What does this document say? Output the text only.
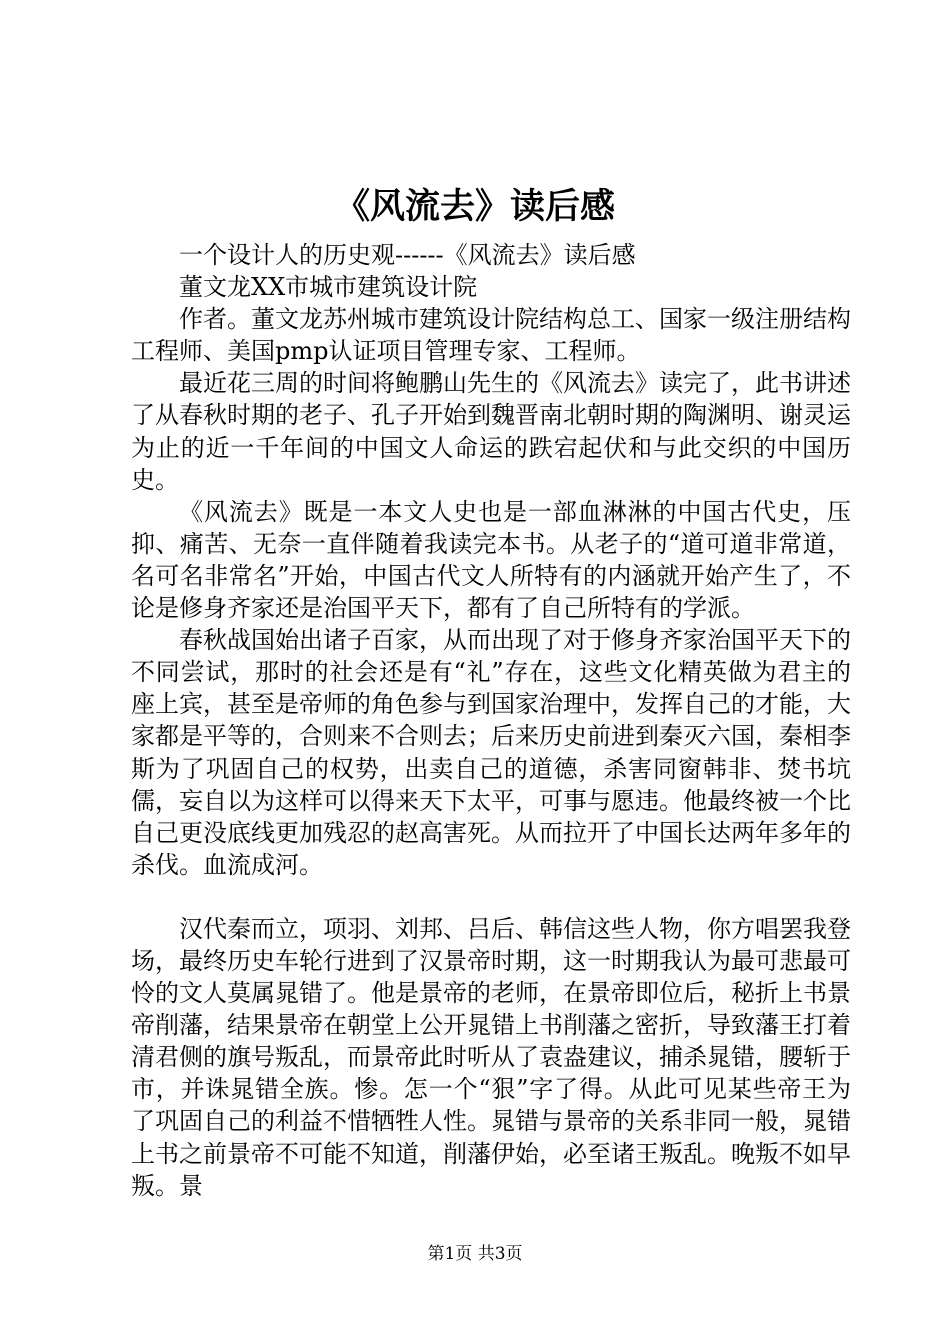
《风流去》读后感

一个设计人的历史观------《风流去》读后感

董文龙XX市城市建筑设计院

作者。董文龙苏州城市建筑设计院结构总工、国家一级注册结构工程师、美国pmp认证项目管理专家、工程师。

最近花三周的时间将鲍鹏山先生的《风流去》读完了，此书讲述了从春秋时期的老子、孔子开始到魏晋南北朝时期的陶渊明、谢灵运为止的近一千年间的中国文人命运的跌宕起伏和与此交织的中国历史。

《风流去》既是一本文人史也是一部血淋淋的中国古代史，压抑、痛苦、无奈一直伴随着我读完本书。从老子的“道可道非常道，名可名非常名”开始，中国古代文人所特有的内涵就开始产生了，不论是修身齐家还是治国平天下，都有了自己所特有的学派。

春秋战国始出诸子百家，从而出现了对于修身齐家治国平天下的不同尝试，那时的社会还是有“礼”存在，这些文化精英做为君主的座上宾，甚至是帝师的角色参与到国家治理中，发挥自己的才能，大家都是平等的，合则来不合则去；后来历史前进到秦灭六国，秦相李斯为了巩固自己的权势，出卖自己的道德，杀害同窗韩非、焚书坑儒，妄自以为这样可以得来天下太平，可事与愿违。他最终被一个比自己更没底线更加残忍的赵高害死。从而拉开了中国长达两年多年的杀伐。血流成河。

汉代秦而立，项羽、刘邦、吕后、韩信这些人物，你方唱罢我登场，最终历史车轮行进到了汉景帝时期，这一时期我认为最可悲最可怜的文人莫属晁错了。他是景帝的老师，在景帝即位后，秘折上书景帝削藩，结果景帝在朝堂上公开晁错上书削藩之密折，导致藩王打着清君侧的旗号叛乱，而景帝此时听从了袁盎建议，捕杀晁错，腰斩于市，并诛晁错全族。惨。怎一个“狠”字了得。从此可见某些帝王为了巩固自己的利益不惜牺牲人性。晁错与景帝的关系非同一般，晁错上书之前景帝不可能不知道，削藩伊始，必至诸王叛乱。晚叛不如早叛。景

第1页 共3页
